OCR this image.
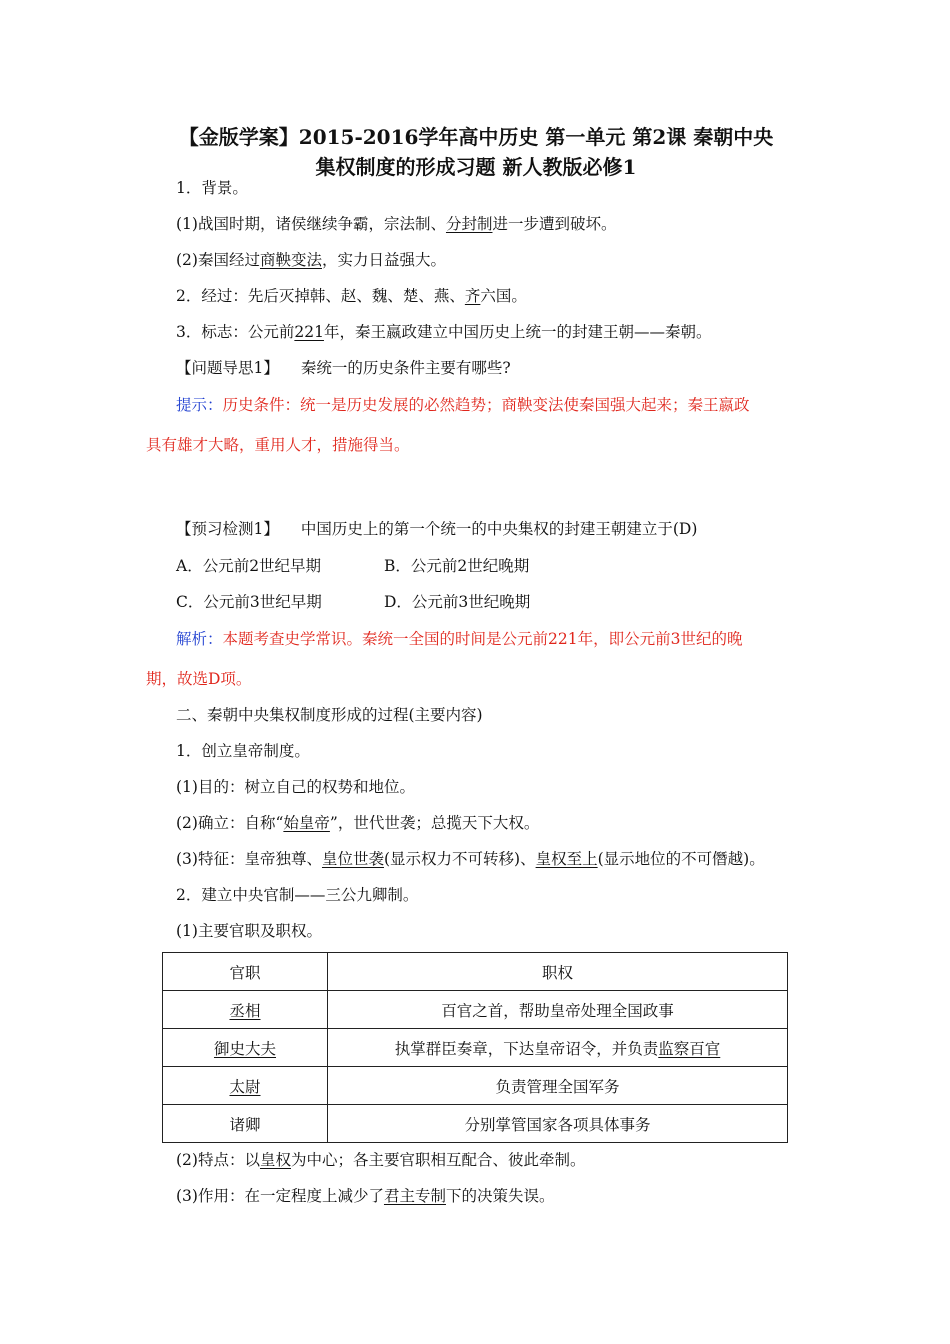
【金版学案】2015-2016学年高中历史 第一单元 第2课 秦朝中央
集权制度的形成习题 新人教版必修1
1．背景。
(1)战国时期，诸侯继续争霸，宗法制、分封制进一步遭到破坏。
(2)秦国经过商鞅变法，实力日益强大。
2．经过：先后灭掉韩、赵、魏、楚、燕、齐六国。
3．标志：公元前221年，秦王嬴政建立中国历史上统一的封建王朝——秦朝。
【问题导思1】 秦统一的历史条件主要有哪些?
提示：历史条件：统一是历史发展的必然趋势；商鞅变法使秦国强大起来；秦王嬴政
具有雄才大略，重用人才，措施得当。
【预习检测1】 中国历史上的第一个统一的中央集权的封建王朝建立于(D)
A．公元前2世纪早期	B．公元前2世纪晚期
C．公元前3世纪早期	D．公元前3世纪晚期
解析：本题考查史学常识。秦统一全国的时间是公元前221年，即公元前3世纪的晚
期，故选D项。
二、秦朝中央集权制度形成的过程(主要内容)
1．创立皇帝制度。
(1)目的：树立自己的权势和地位。
(2)确立：自称“始皇帝”，世代世袭；总揽天下大权。
(3)特征：皇帝独尊、皇位世袭(显示权力不可转移)、皇权至上(显示地位的不可僭越)。
2．建立中央官制——三公九卿制。
(1)主要官职及职权。
官职	职权
丞相	百官之首，帮助皇帝处理全国政事
御史大夫	执掌群臣奏章，下达皇帝诏令，并负责监察百官
太尉	负责管理全国军务
诸卿	分别掌管国家各项具体事务
(2)特点：以皇权为中心；各主要官职相互配合、彼此牵制。
(3)作用：在一定程度上减少了君主专制下的决策失误。
